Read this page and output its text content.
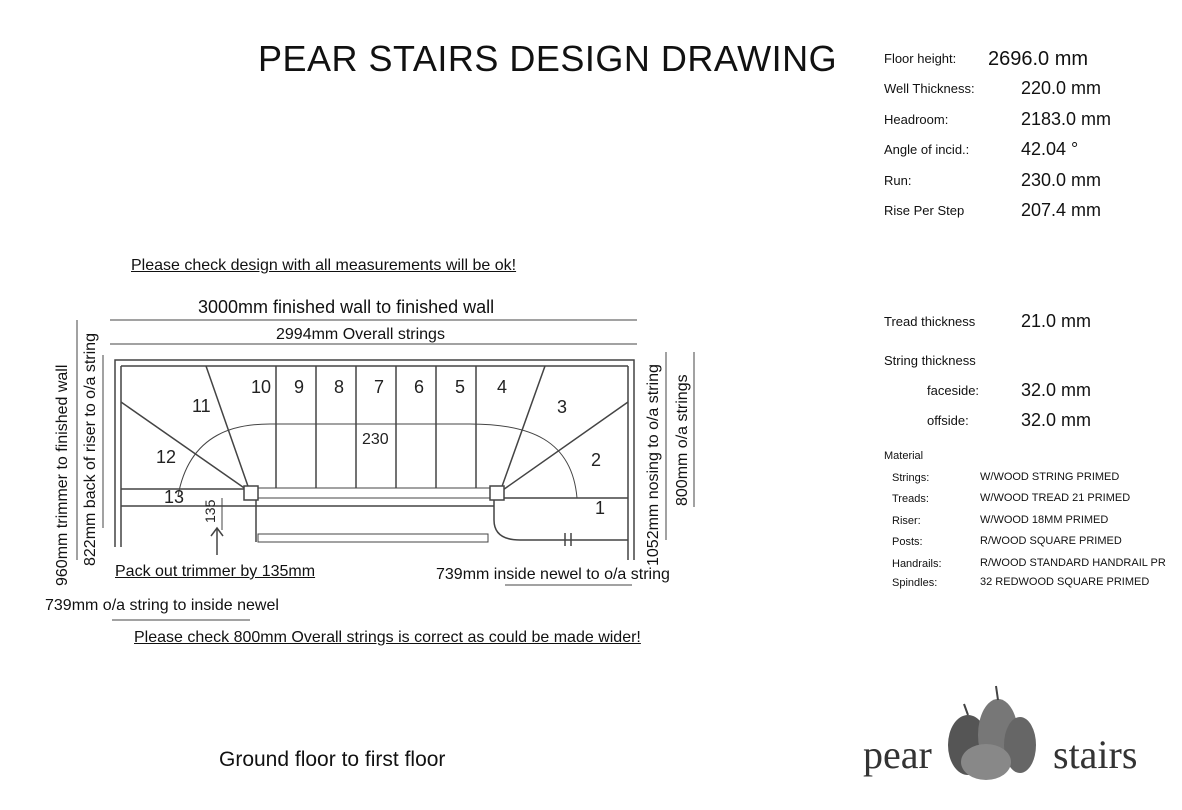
PEAR STAIRS DESIGN DRAWING	Floor height: 2696.0 mm
Well Thickness:	220.0 mm
Headroom:	2183.0 mm
Angle of incid.:	42.04 °
Run:	230.0 mm
Rise Per Step	207.4 mm
Tread thickness	21.0 mm
String thickness
faceside: 32.0 mm
offside:	32.0 mm
Material
Strings:	W/WOOD STRING PRIMED
Treads:	W/WOOD TREAD 21 PRIMED
Riser:	W/WOOD 18MM PRIMED
Posts:	R/WOOD SQUARE PRIMED
Handrails:	R/WOOD STANDARD HANDRAIL PR
Spindles:	32 REDWOOD SQUARE PRIMED
1
2
3
4
5
6
7
8
9
10
11
12
13
230
135
Please check design with all measurements will be ok!
3000mm finished wall to finished wall
2994mm Overall strings
960mm trimmer to finished wall 822mm back of riser to o/a string	1052mm nosing to o/a string 800mm o/a strings
Pack out trimmer by 135mm	739mm inside newel to o/a string
739mm o/a string to inside newel
Please check 800mm Overall strings is correct as could be made wider!
Ground floor to first floor	pear	stairs
